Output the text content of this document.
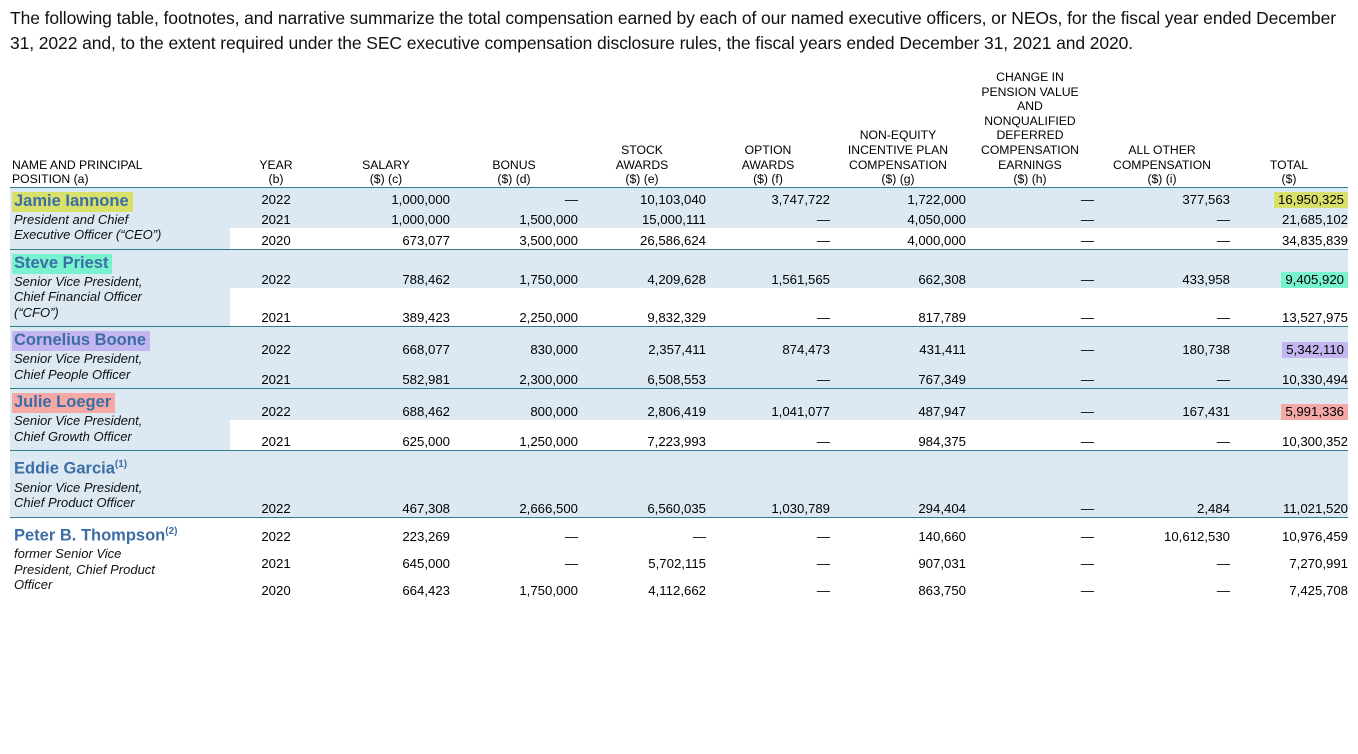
The following table, footnotes, and narrative summarize the total compensation earned by each of our named executive officers, or NEOs, for the fiscal year ended December 31, 2022 and, to the extent required under the SEC executive compensation disclosure rules, the fiscal years ended December 31, 2021 and 2020.

NAME AND PRINCIPAL
POSITION (a)

YEAR
(b)

SALARY
($) (c)

BONUS
($) (d)

STOCK
AWARDS
($) (e)

OPTION
AWARDS
($) (f)

NON-EQUITY
INCENTIVE PLAN
COMPENSATION
($) (g)

CHANGE IN
PENSION VALUE
AND
NONQUALIFIED
DEFERRED
COMPENSATION
EARNINGS
($) (h)

ALL OTHER
COMPENSATION
($) (i)

TOTAL
($)

Jamie Iannone
President and Chief
Executive Officer (“CEO”)	2022	1,000,000	—	10,103,040	3,747,722	1,722,000	—	377,563	16,950,325
	2021	1,000,000	1,500,000	15,000,111	—	4,050,000	—	—	21,685,102
	2020	673,077	3,500,000	26,586,624	—	4,000,000	—	—	34,835,839
Steve Priest
Senior Vice President,
Chief Financial Officer
(“CFO”)	2022	788,462	1,750,000	4,209,628	1,561,565	662,308	—	433,958	9,405,920
	2021	389,423	2,250,000	9,832,329	—	817,789	—	—	13,527,975
Cornelius Boone
Senior Vice President,
Chief People Officer	2022	668,077	830,000	2,357,411	874,473	431,411	—	180,738	5,342,110
	2021	582,981	2,300,000	6,508,553	—	767,349	—	—	10,330,494
Julie Loeger
Senior Vice President,
Chief Growth Officer	2022	688,462	800,000	2,806,419	1,041,077	487,947	—	167,431	5,991,336
	2021	625,000	1,250,000	7,223,993	—	984,375	—	—	10,300,352
Eddie Garcia$^{(1)}$
Senior Vice President,
Chief Product Officer	2022	467,308	2,666,500	6,560,035	1,030,789	294,404	—	2,484	11,021,520
Peter B. Thompson$^{(2)}$
former Senior Vice
President, Chief Product
Officer	2022	223,269	—	—	—	140,660	—	10,612,530	10,976,459
	2021	645,000	—	5,702,115	—	907,031	—	—	7,270,991
	2020	664,423	1,750,000	4,112,662	—	863,750	—	—	7,425,708
